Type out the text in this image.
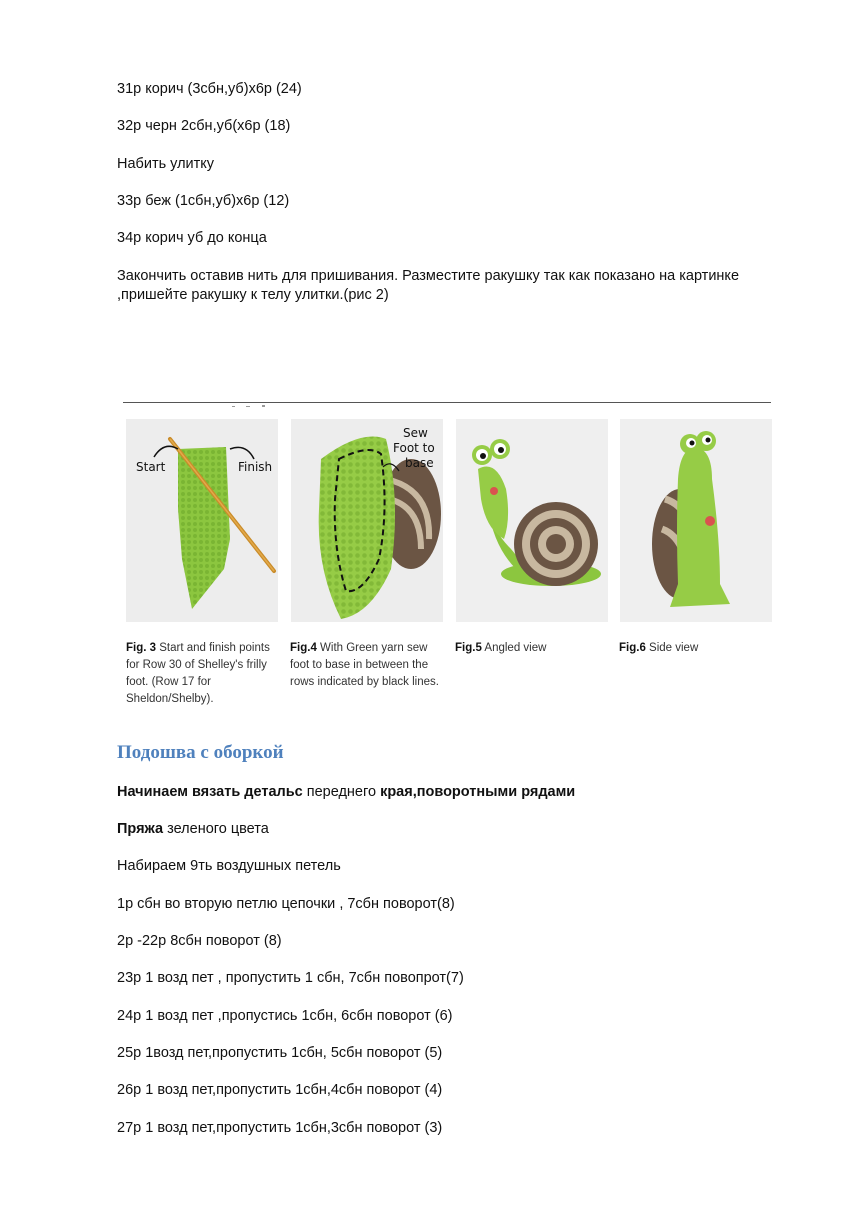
31р корич (3сбн,уб)х6р (24)
32р черн 2сбн,уб(х6р (18)
Набить улитку
33р беж (1сбн,уб)х6р (12)
34р корич уб до конца
Закончить оставив нить для пришивания. Разместите ракушку так как показано на картинке ,пришейте ракушку к телу улитки.(рис 2)
Start	Finish
Sew
Foot to
base
Fig. 3 Start and finish points for Row 30 of Shelley's frilly foot. (Row 17 for Sheldon/Shelby).
Fig.4 With Green yarn sew foot to base in between the rows indicated by black lines.
Fig.5 Angled view	Fig.6 Side view
Подошва с оборкой
Начинаем вязать детальс переднего края,поворотными рядами
Пряжа зеленого цвета
Набираем 9ть воздушных петель
1р сбн во вторую петлю цепочки , 7сбн поворот(8)
2р -22р 8сбн поворот (8)
23р 1 возд пет , пропустить 1 сбн, 7сбн повопрот(7)
24р 1 возд пет ,пропустись 1сбн, 6сбн поворот (6)
25р 1возд пет,пропустить 1сбн, 5сбн поворот (5)
26р 1 возд пет,пропустить 1сбн,4сбн поворот (4)
27р 1 возд пет,пропустить 1сбн,3сбн поворот (3)
